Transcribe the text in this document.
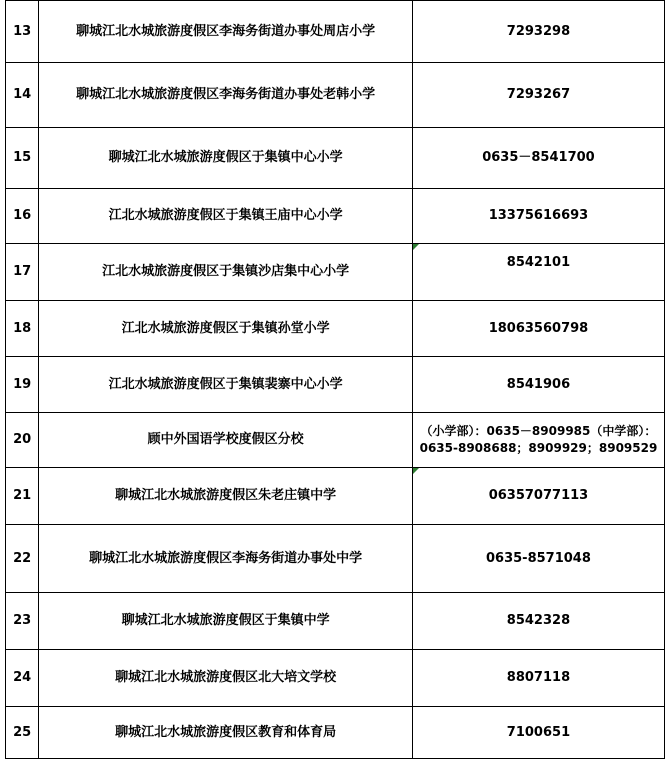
13	聊城江北水城旅游度假区李海务街道办事处周店小学	7293298
14	聊城江北水城旅游度假区李海务街道办事处老韩小学	7293267
15	聊城江北水城旅游度假区于集镇中心小学	0635－8541700
16	江北水城旅游度假区于集镇王庙中心小学	13375616693
17	江北水城旅游度假区于集镇沙店集中心小学	8542101
18	江北水城旅游度假区于集镇孙堂小学	18063560798
19	江北水城旅游度假区于集镇裴寨中心小学	8541906
20	顾中外国语学校度假区分校	（小学部）：0635－8909985（中学部）：0635-8908688；8909929；8909529
21	聊城江北水城旅游度假区朱老庄镇中学	06357077113
22	聊城江北水城旅游度假区李海务街道办事处中学	0635-8571048
23	聊城江北水城旅游度假区于集镇中学	8542328
24	聊城江北水城旅游度假区北大培文学校	8807118
25	聊城江北水城旅游度假区教育和体育局	7100651
